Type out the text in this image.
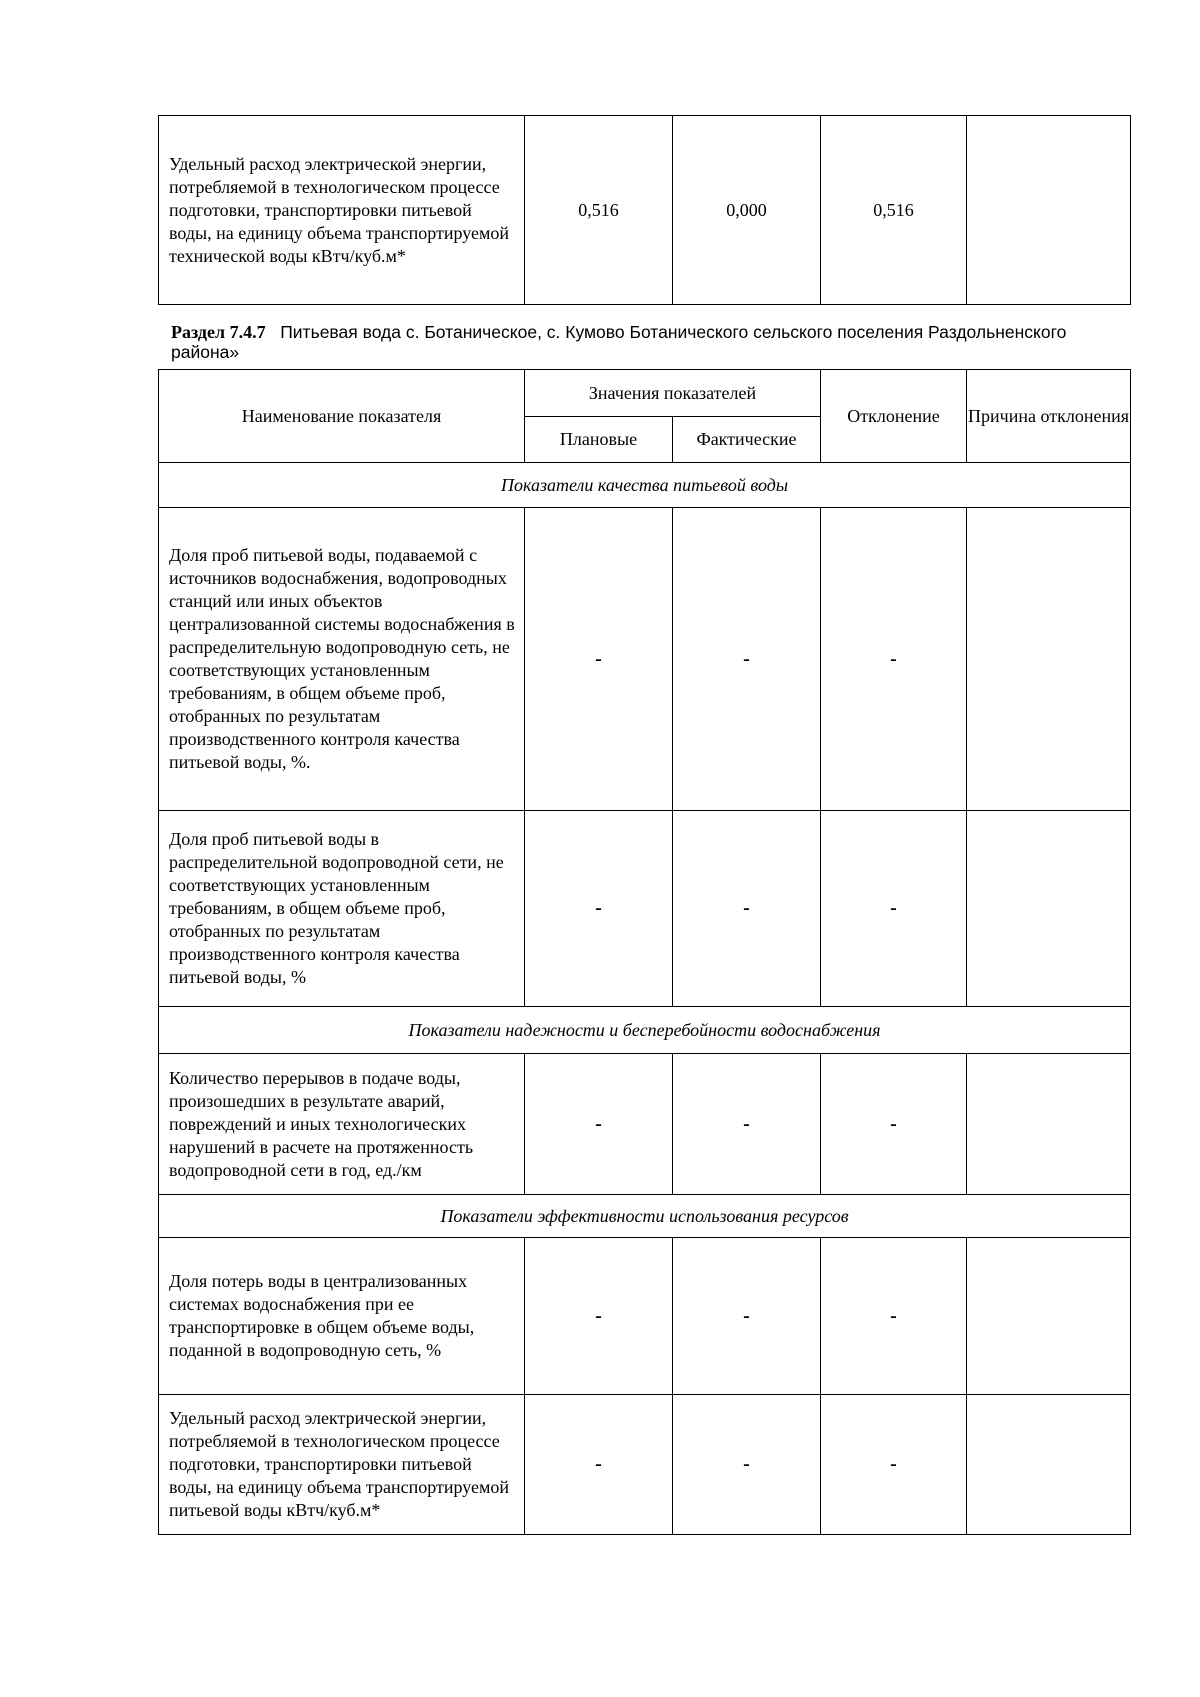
Удельный расход электрической энергии, потребляемой в технологическом процессе подготовки, транспортировки питьевой воды, на единицу объема транспортируемой технической воды кВтч/куб.м*	0,516	0,000	0,516	
Раздел 7.4.7 Питьевая вода с. Ботаническое, с. Кумово Ботанического сельского поселения Раздольненского района»
Наименование показателя	Значения показателей		Отклонение	Причина отклонения
	Плановые	Фактические		
Показатели качества питьевой воды				
Доля проб питьевой воды, подаваемой с источников водоснабжения, водопроводных станций или иных объектов централизованной системы водоснабжения в распределительную водопроводную сеть, не соответствующих установленным требованиям, в общем объеме проб, отобранных по результатам производственного контроля качества питьевой воды, %.	-	-	-	
Доля проб питьевой воды в распределительной водопроводной сети, не соответствующих установленным требованиям, в общем объеме проб, отобранных по результатам производственного контроля качества питьевой воды, %	-	-	-	
Показатели надежности и бесперебойности водоснабжения				
Количество перерывов в подаче воды, произошедших в результате аварий, повреждений и иных технологических нарушений в расчете на протяженность водопроводной сети в год, ед./км	-	-	-	
Показатели эффективности использования ресурсов				
Доля потерь воды в централизованных системах водоснабжения при ее транспортировке в общем объеме воды, поданной в водопроводную сеть, %	-	-	-	
Удельный расход электрической энергии, потребляемой в технологическом процессе подготовки, транспортировки питьевой воды, на единицу объема транспортируемой питьевой воды кВтч/куб.м*	-	-	-	
